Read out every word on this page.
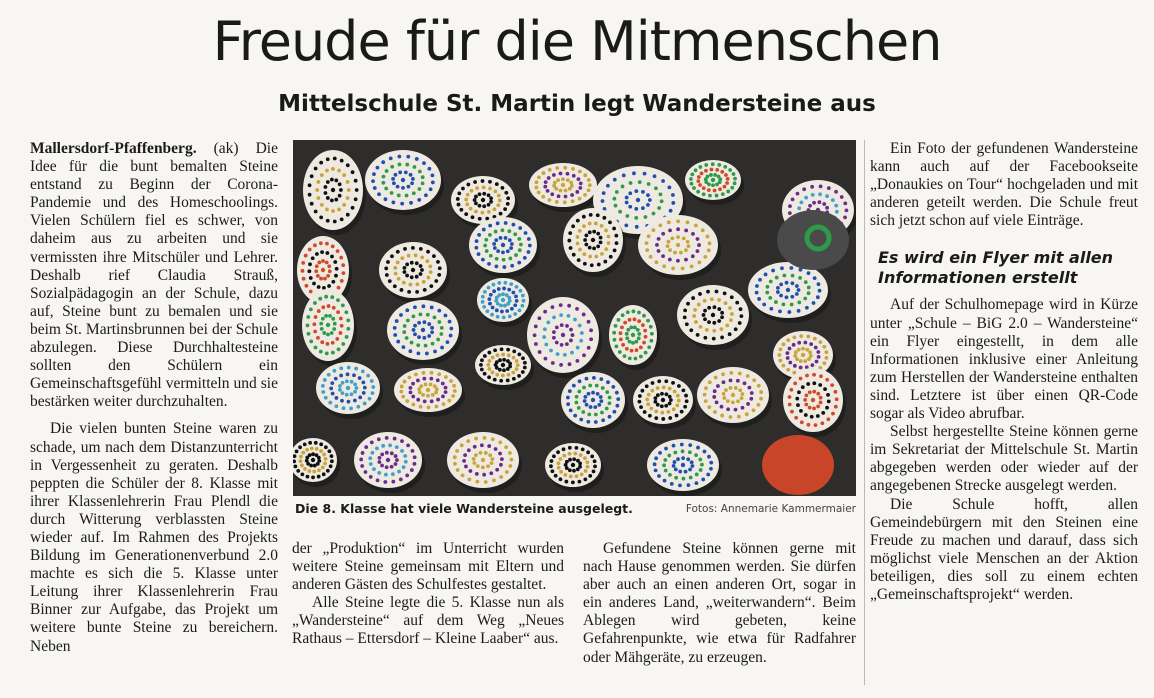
Freude für die Mitmenschen
Mittelschule St. Martin legt Wandersteine aus

Mallersdorf-Pfaffenberg. (ak) Die Idee für die bunt bemalten Steine entstand zu Beginn der Corona-Pandemie und des Homeschoolings. Vielen Schülern fiel es schwer, von daheim aus zu arbeiten und sie vermissten ihre Mitschüler und Lehrer. Deshalb rief Claudia Strauß, Sozialpädagogin an der Schule, dazu auf, Steine bunt zu bemalen und sie beim St. Martinsbrunnen bei der Schule abzulegen. Diese Durchhaltesteine sollten den Schülern ein Gemeinschaftsgefühl vermitteln und sie bestärken weiter durchzuhalten.

Die vielen bunten Steine waren zu schade, um nach dem Distanzunterricht in Vergessenheit zu geraten. Deshalb peppten die Schüler der 8. Klasse mit ihrer Klassenlehrerin Frau Plendl die durch Witterung verblassten Steine wieder auf. Im Rahmen des Projekts Bildung im Generationenverbund 2.0 machte es sich die 5. Klasse unter Leitung ihrer Klassenlehrerin Frau Binner zur Aufgabe, das Projekt um weitere bunte Steine zu bereichern. Neben

Die 8. Klasse hat viele Wandersteine ausgelegt.	Fotos: Annemarie Kammermaier

der „Produktion“ im Unterricht wurden weitere Steine gemeinsam mit Eltern und anderen Gästen des Schulfestes gestaltet.

Alle Steine legte die 5. Klasse nun als „Wandersteine“ auf dem Weg „Neues Rathaus – Ettersdorf – Kleine Laaber“ aus.

Gefundene Steine können gerne mit nach Hause genommen werden. Sie dürfen aber auch an einen anderen Ort, sogar in ein anderes Land, „weiterwandern“. Beim Ablegen wird gebeten, keine Gefahrenpunkte, wie etwa für Radfahrer oder Mähgeräte, zu erzeugen.

Ein Foto der gefundenen Wandersteine kann auch auf der Facebookseite „Donaukies on Tour“ hochgeladen und mit anderen geteilt werden. Die Schule freut sich jetzt schon auf viele Einträge.

Es wird ein Flyer mit allen Informationen erstellt

Auf der Schulhomepage wird in Kürze unter „Schule – BiG 2.0 – Wandersteine“ ein Flyer eingestellt, in dem alle Informationen inklusive einer Anleitung zum Herstellen der Wandersteine enthalten sind. Letztere ist über einen QR-Code sogar als Video abrufbar.

Selbst hergestellte Steine können gerne im Sekretariat der Mittelschule St. Martin abgegeben werden oder wieder auf der angegebenen Strecke ausgelegt werden.

Die Schule hofft, allen Gemeindebürgern mit den Steinen eine Freude zu machen und darauf, dass sich möglichst viele Menschen an der Aktion beteiligen, dies soll zu einem echten „Gemeinschaftsprojekt“ werden.
